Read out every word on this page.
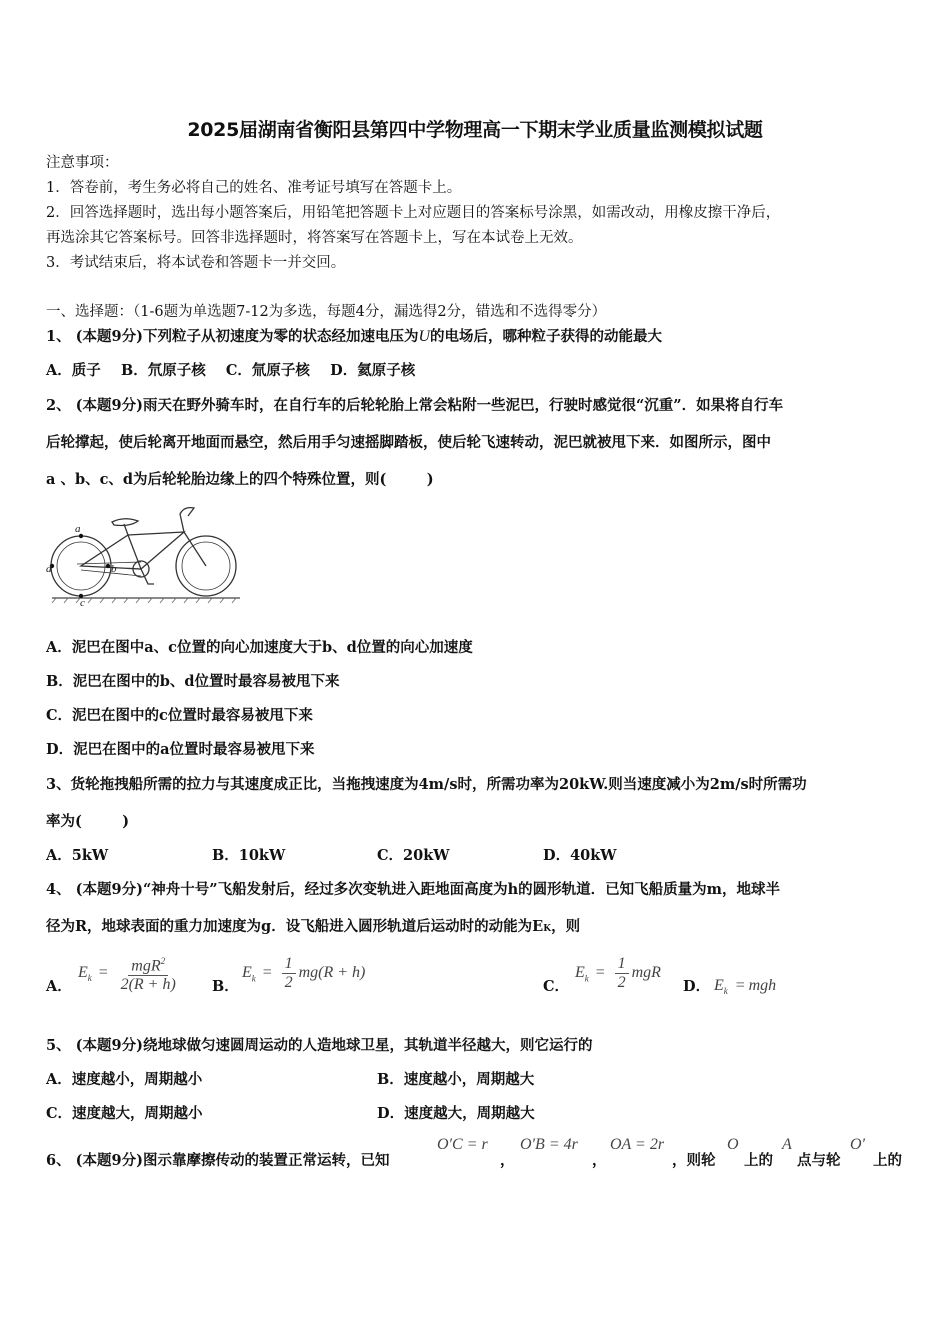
2025届湖南省衡阳县第四中学物理高一下期末学业质量监测模拟试题
注意事项：
1．答卷前，考生务必将自己的姓名、准考证号填写在答题卡上。
2．回答选择题时，选出每小题答案后，用铅笔把答题卡上对应题目的答案标号涂黑，如需改动，用橡皮擦干净后，
再选涂其它答案标号。回答非选择题时，将答案写在答题卡上，写在本试卷上无效。
3．考试结束后，将本试卷和答题卡一并交回。
一、选择题：（1-6题为单选题7-12为多选，每题4分，漏选得2分，错选和不选得零分）
1、 (本题9分)下列粒子从初速度为零的状态经加速电压为U的电场后，哪种粒子获得的动能最大
A．质子    B．氘原子核    C．氚原子核    D．氦原子核
2、 (本题9分)雨天在野外骑车时，在自行车的后轮轮胎上常会粘附一些泥巴，行驶时感觉很“沉重”．如果将自行车
后轮撑起，使后轮离开地面而悬空，然后用手匀速摇脚踏板，使后轮飞速转动，泥巴就被甩下来．如图所示，图中
a 、b、c、d为后轮轮胎边缘上的四个特殊位置，则(        )
a
b
c
d
A．泥巴在图中a、c位置的向心加速度大于b、d位置的向心加速度
B．泥巴在图中的b、d位置时最容易被甩下来
C．泥巴在图中的c位置时最容易被甩下来
D．泥巴在图中的a位置时最容易被甩下来
3、货轮拖拽船所需的拉力与其速度成正比，当拖拽速度为4m/s时，所需功率为20kW.则当速度减小为2m/s时所需功
率为(        )
A．5kW	B．10kW	C．20kW	D．40kW
4、 (本题9分)“神舟十号”飞船发射后，经过多次变轨进入距地面高度为h的圆形轨道．已知飞船质量为m，地球半
径为R，地球表面的重力加速度为g．设飞船进入圆形轨道后运动时的动能为EK，则
A．
$E_k = \frac{mgR^2}{2(R + h)}$ B．
$E_k = \frac{1}{2} mg(R + h)$
C．
$E_k = \frac{1}{2}$ mgR
D． $E_k$ = mgh
5、 (本题9分)绕地球做匀速圆周运动的人造地球卫星，其轨道半径越大，则它运行的
A．速度越小，周期越小	B．速度越小，周期越大
C．速度越大，周期越小	D．速度越大，周期越大
6、 (本题9分)图示靠摩擦传动的装置正常运转，已知
O′C = r
，
O′B = 4r
，
OA = 2r
，则轮
O
上的
A
点与轮
O′
上的
